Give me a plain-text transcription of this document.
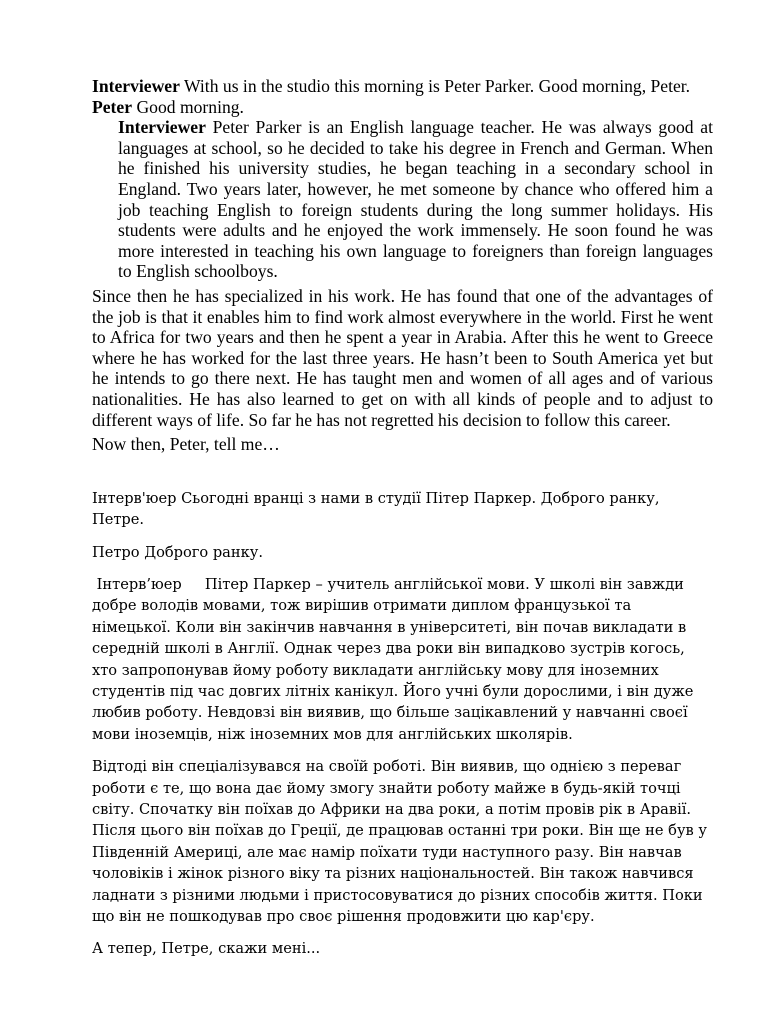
Interviewer With us in the studio this morning is Peter Parker. Good morning, Peter.

Peter Good morning.

Interviewer Peter Parker is an English language teacher. He was always good at languages at school, so he decided to take his degree in French and German. When he finished his university studies, he began teaching in a secondary school in England. Two years later, however, he met someone by chance who offered him a job teaching English to foreign students during the long summer holidays. His students were adults and he enjoyed the work immensely. He soon found he was more interested in teaching his own language to foreigners than foreign languages to English schoolboys.

Since then he has specialized in his work. He has found that one of the advantages of the job is that it enables him to find work almost everywhere in the world. First he went to Africa for two years and then he spent a year in Arabia. After this he went to Greece where he has worked for the last three years. He hasn’t been to South America yet but he intends to go there next. He has taught men and women of all ages and of various nationalities. He has also learned to get on with all kinds of people and to adjust to different ways of life. So far he has not regretted his decision to follow this career.

Now then, Peter, tell me…

Інтерв'юер Сьогодні вранці з нами в студії Пітер Паркер. Доброго ранку, Петре.

Петро Доброго ранку.

Інтерв’юер     Пітер Паркер – учитель англійської мови. У школі він завжди добре володів мовами, тож вирішив отримати диплом французької та німецької. Коли він закінчив навчання в університеті, він почав викладати в середній школі в Англії. Однак через два роки він випадково зустрів когось, хто запропонував йому роботу викладати англійську мову для іноземних студентів під час довгих літніх канікул. Його учні були дорослими, і він дуже любив роботу. Невдовзі він виявив, що більше зацікавлений у навчанні своєї мови іноземців, ніж іноземних мов для англійських школярів.

Відтоді він спеціалізувався на своїй роботі. Він виявив, що однією з переваг роботи є те, що вона дає йому змогу знайти роботу майже в будь-якій точці світу. Спочатку він поїхав до Африки на два роки, а потім провів рік в Аравії. Після цього він поїхав до Греції, де працював останні три роки. Він ще не був у Південній Америці, але має намір поїхати туди наступного разу. Він навчав чоловіків і жінок різного віку та різних національностей. Він також навчився ладнати з різними людьми і пристосовуватися до різних способів життя. Поки що він не пошкодував про своє рішення продовжити цю кар'єру.

А тепер, Петре, скажи мені...
